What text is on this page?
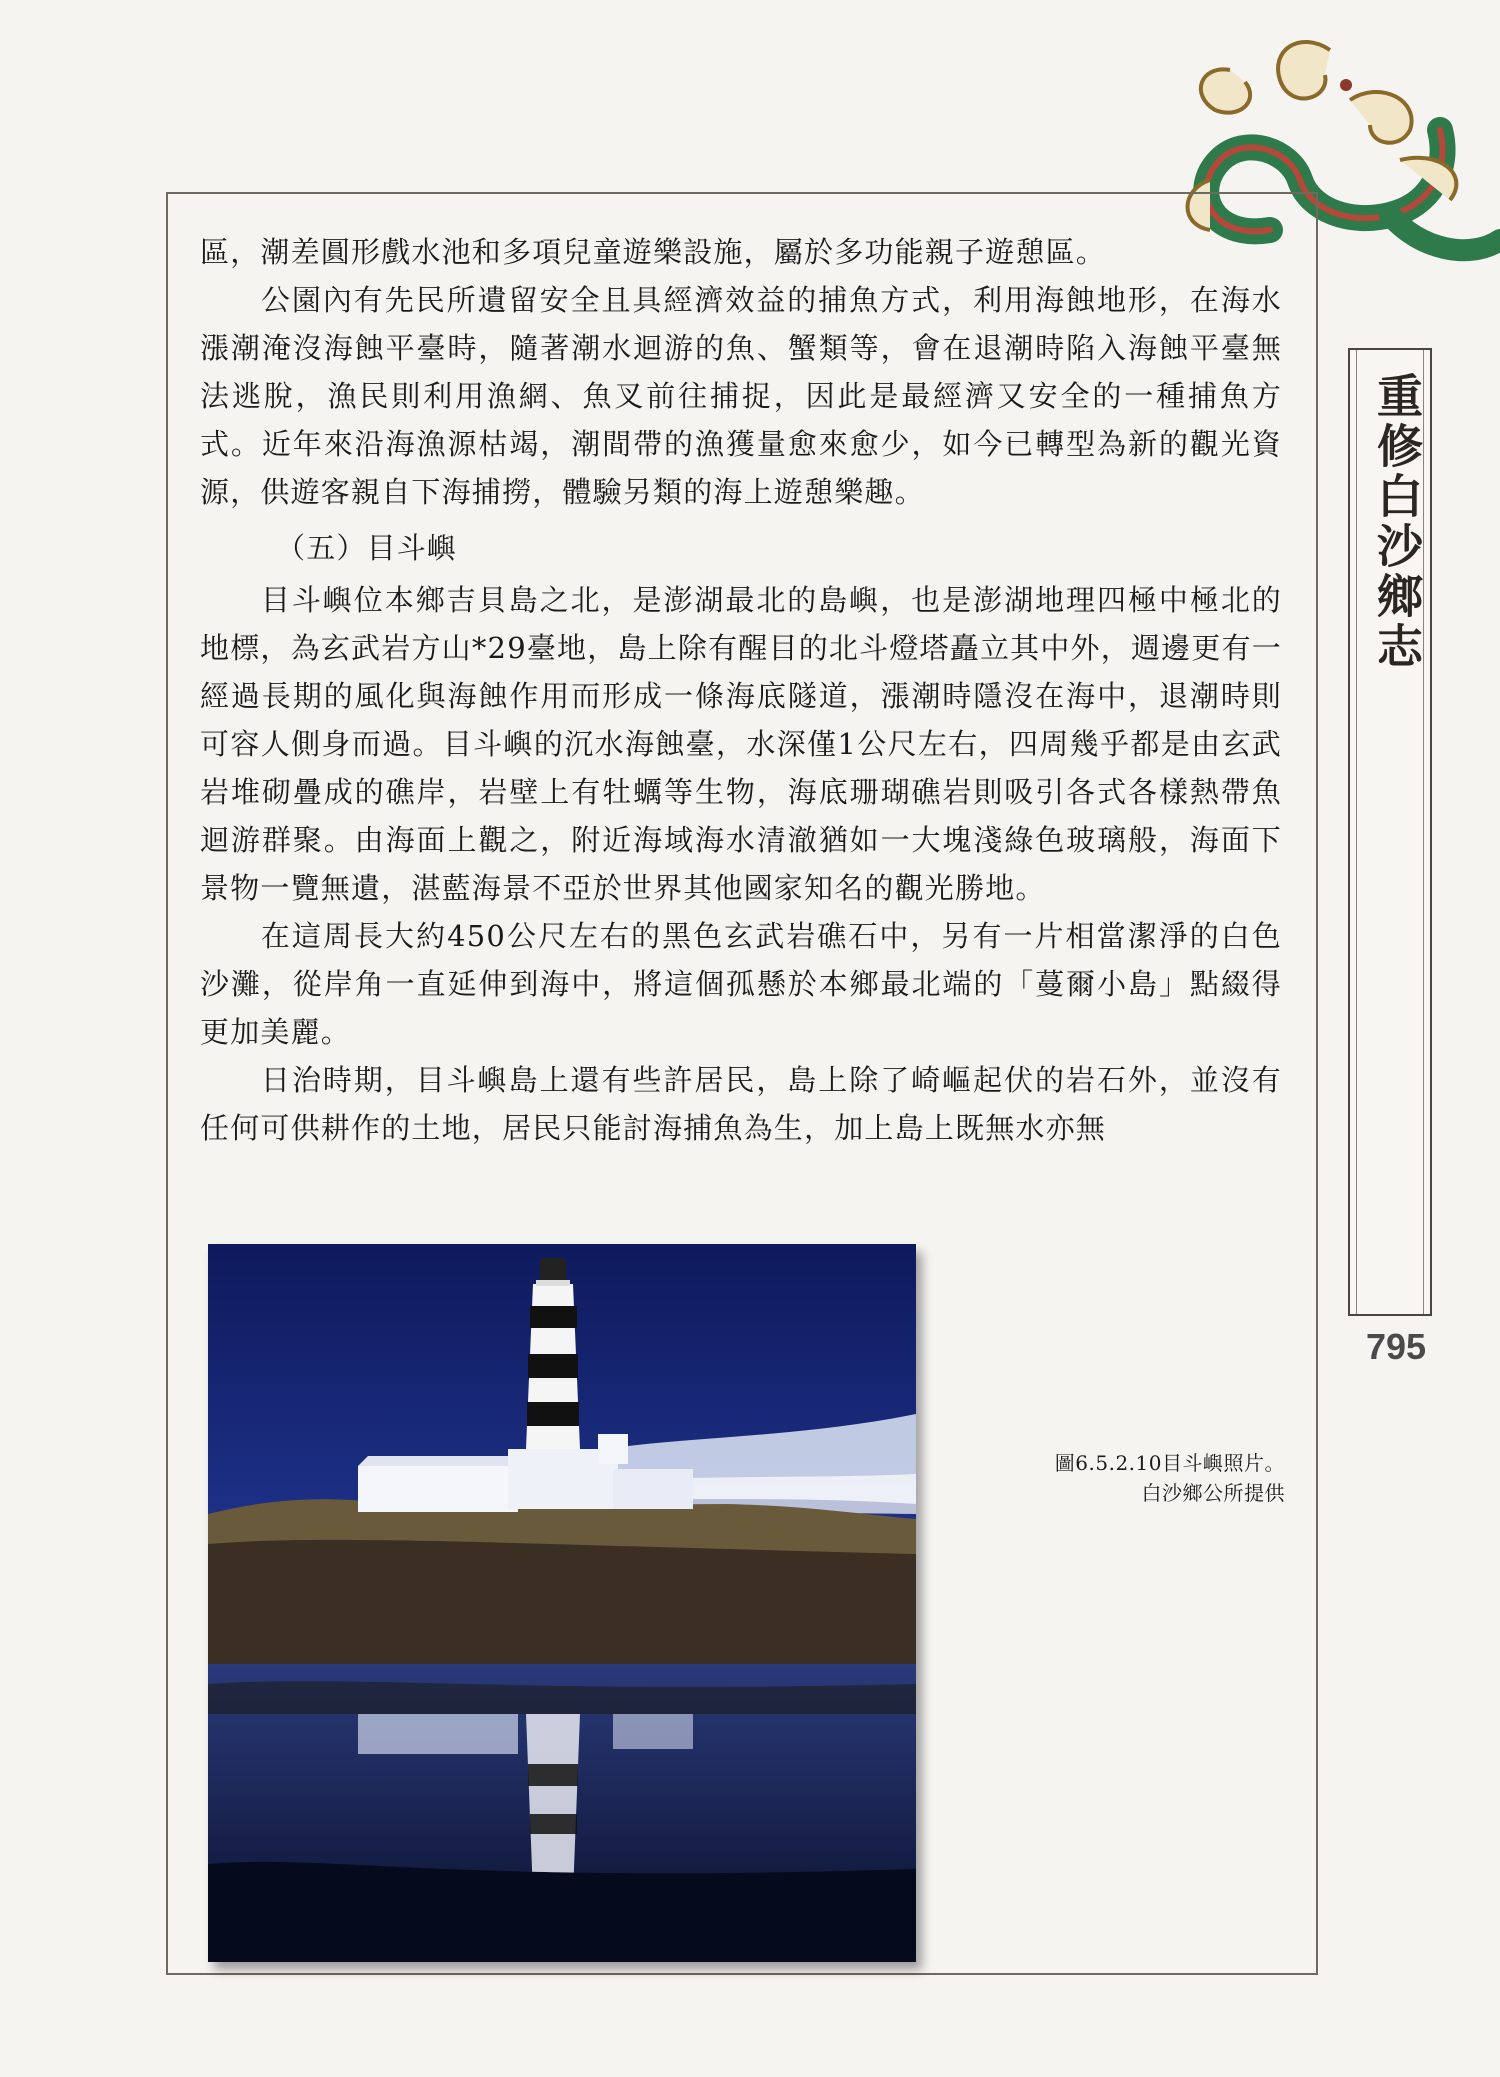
區，潮差圓形戲水池和多項兒童遊樂設施，屬於多功能親子遊憩區。

公園內有先民所遺留安全且具經濟效益的捕魚方式，利用海蝕地形，在海水漲潮淹沒海蝕平臺時，隨著潮水迴游的魚、蟹類等，會在退潮時陷入海蝕平臺無法逃脫，漁民則利用漁網、魚叉前往捕捉，因此是最經濟又安全的一種捕魚方式。近年來沿海漁源枯竭，潮間帶的漁獲量愈來愈少，如今已轉型為新的觀光資源，供遊客親自下海捕撈，體驗另類的海上遊憩樂趣。

（五）目斗嶼

目斗嶼位本鄉吉貝島之北，是澎湖最北的島嶼，也是澎湖地理四極中極北的地標，為玄武岩方山*29臺地，島上除有醒目的北斗燈塔矗立其中外，週邊更有一經過長期的風化與海蝕作用而形成一條海底隧道，漲潮時隱沒在海中，退潮時則可容人側身而過。目斗嶼的沉水海蝕臺，水深僅1公尺左右，四周幾乎都是由玄武岩堆砌疊成的礁岸，岩壁上有牡蠣等生物，海底珊瑚礁岩則吸引各式各樣熱帶魚迴游群聚。由海面上觀之，附近海域海水清澈猶如一大塊淺綠色玻璃般，海面下景物一覽無遺，湛藍海景不亞於世界其他國家知名的觀光勝地。

在這周長大約450公尺左右的黑色玄武岩礁石中，另有一片相當潔淨的白色沙灘，從岸角一直延伸到海中，將這個孤懸於本鄉最北端的「蔓爾小島」點綴得更加美麗。

日治時期，目斗嶼島上還有些許居民，島上除了崎嶇起伏的岩石外，並沒有任何可供耕作的土地，居民只能討海捕魚為生，加上島上既無水亦無

重修白沙鄉志
795
圖6.5.2.10目斗嶼照片。
白沙鄉公所提供
